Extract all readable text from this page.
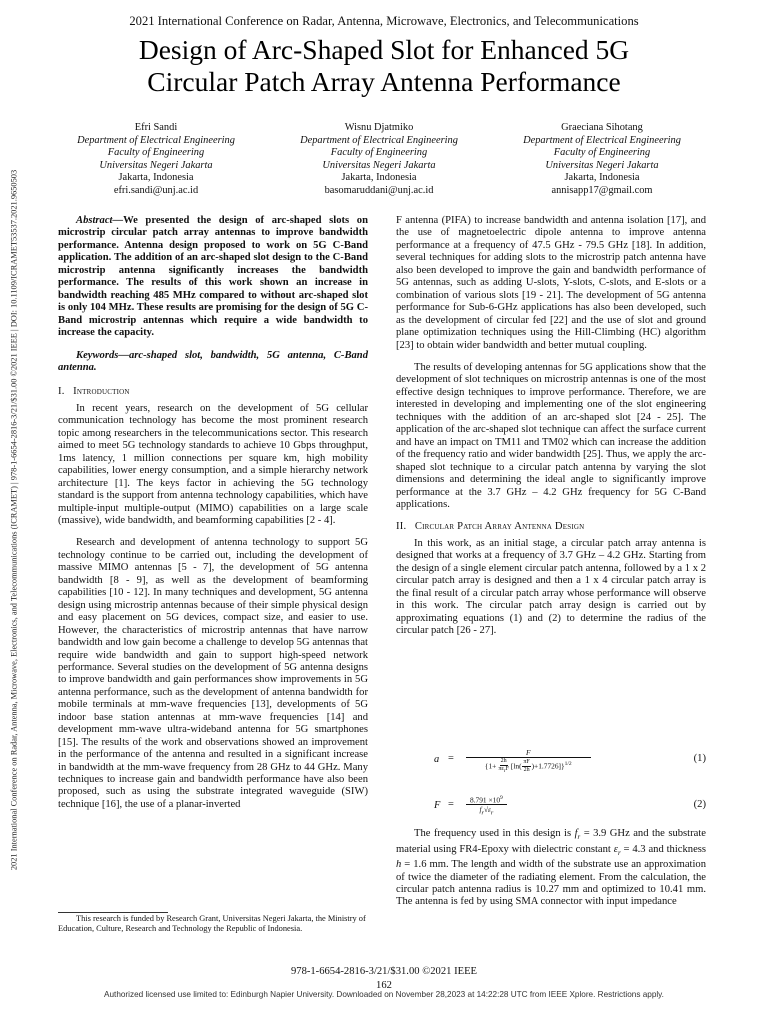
2021 International Conference on Radar, Antenna, Microwave, Electronics, and Telecommunications (ICRAMET) | 978-1-6654-2816-3/21/$31.00 ©2021 IEEE | DOI: 10.1109/ICRAMET53537.2021.9650503
2021 International Conference on Radar, Antenna, Microwave, Electronics, and Telecommunications
Design of Arc-Shaped Slot for Enhanced 5G
Circular Patch Array Antenna Performance
Efri Sandi
Department of Electrical Engineering
Faculty of Engineering
Universitas Negeri Jakarta
Jakarta, Indonesia
efri.sandi@unj.ac.id
Wisnu Djatmiko
Department of Electrical Engineering
Faculty of Engineering
Universitas Negeri Jakarta
Jakarta, Indonesia
basomaruddani@unj.ac.id
Graeciana Sihotang
Department of Electrical Engineering
Faculty of Engineering
Universitas Negeri Jakarta
Jakarta, Indonesia
annisapp17@gmail.com

Abstract—We presented the design of arc-shaped slots on microstrip circular patch array antennas to improve bandwidth performance. Antenna design proposed to work on 5G C-Band application. The addition of an arc-shaped slot design to the C-Band microstrip antenna significantly increases the bandwidth performance. The results of this work shown an increase in bandwidth reaching 485 MHz compared to without arc-shaped slot is only 104 MHz. These results are promising for the design of 5G C-Band microstrip antennas which require a wide bandwidth to increase the capacity.

Keywords—arc-shaped slot, bandwidth, 5G antenna, C-Band antenna.

I. Introduction

In recent years, research on the development of 5G cellular communication technology has become the most prominent research topic among researchers in the telecommunications sector. This research aimed to meet 5G technology standards to achieve 10 Gbps throughput, 1ms latency, 1 million connections per square km, high mobility capabilities, lower energy consumption, and a simple hierarchy network architecture [1]. The keys factor in achieving the 5G technology standard is the support from antenna technology capabilities, which have multiple-input multiple-output (MIMO) capabilities on a large scale (massive), wide bandwidth, and beamforming capabilities [2 - 4].

Research and development of antenna technology to support 5G technology continue to be carried out, including the development of massive MIMO antennas [5 - 7], the development of 5G antenna bandwidth [8 - 9], as well as the development of beamforming capabilities [10 - 12]. In many techniques and development, 5G antenna design using microstrip antennas because of their simple physical design and easy placement on 5G devices, compact size, and easier to use. However, the characteristics of microstrip antennas that have narrow bandwidth and low gain become a challenge to develop 5G antennas that require wide bandwidth and gain to support high-speed network performance. Several studies on the development of 5G antenna designs to improve bandwidth and gain performances show improvements in 5G antenna performance, such as the development of antenna bandwidth for mobile terminals at mm-wave frequencies [13], developments of 5G indoor base station antennas at mm-wave frequencies [14] and development mm-wave ultra-wideband antenna for 5G smartphones [15]. The results of the work and observations showed an improvement in the performance of the antenna and resulted in a significant increase in bandwidth at the mm-wave frequency from 28 GHz to 44 GHz. Many techniques to increase gain and bandwidth performance have also been proposed, such as using the substrate integrated waveguide (SIW) technique [16], the use of a planar-inverted

This research is funded by Research Grant, Universitas Negeri Jakarta, the Ministry of Education, Culture, Research and Technology the Republic of Indonesia.

F antenna (PIFA) to increase bandwidth and antenna isolation [17], and the use of magnetoelectric dipole antenna to improve antenna performance at a frequency of 47.5 GHz - 79.5 GHz [18]. In addition, several techniques for adding slots to the microstrip patch antenna have also been developed to improve the gain and bandwidth performance of 5G antennas, such as adding U-slots, Y-slots, C-slots, and E-slots or a combination of various slots [19 - 21]. The development of 5G antenna performance for Sub-6-GHz applications has also been developed, such as the development of circular fed [22] and the use of slot and ground plane optimization techniques using the Hill-Climbing (HC) algorithm [23] to obtain wider bandwidth and better mutual coupling.

The results of developing antennas for 5G applications show that the development of slot techniques on microstrip antennas is one of the most effective design techniques to improve performance. Therefore, we are interested in developing and implementing one of the slot engineering techniques with the addition of an arc-shaped slot [24 - 25]. The application of the arc-shaped slot technique can affect the surface current and have an impact on TM11 and TM02 which can increase the addition of the frequency ratio and wider bandwidth [25]. Thus, we apply the arc-shaped slot technique to a circular patch antenna by varying the slot dimensions and determining the ideal angle to significantly improve performance at the 3.7 GHz – 4.2 GHz frequency for 5G C-Band applications.

II. Circular Patch Array Antenna Design

In this work, as an initial stage, a circular patch array antenna is designed that works at a frequency of 3.7 GHz – 4.2 GHz. Starting from the design of a single element circular patch antenna, followed by a 1 x 2 circular patch array is designed and then a 1 x 4 circular patch array is the final result of a circular patch array whose performance will observe in this work. The circular patch array design is carried out by approximating equations (1) and (2) to determine the radius of the circular patch [26 - 27].

a =
F
$\{1+ \frac{2h}{\pi\varepsilon_rF} [\ln( \frac{\pi F}{2h} )+1.7726]\}^{1/2}$	(1)
$F = \frac{8.791 \times 10^9}{f_r√\varepsilon_r}$	(2)

The frequency used in this design is $f_r = 3.9$ GHz and the substrate material using FR4-Epoxy with dielectric constant $\varepsilon_r = 4.3$ and thickness h = 1.6 mm. The length and width of the substrate use an approximation of twice the diameter of the radiating element. From the calculation, the circular patch antenna radius is 10.27 mm and optimized to 10.41 mm. The antenna is fed by using SMA connector with input impedance

978-1-6654-2816-3/21/$31.00 ©2021 IEEE
162
Authorized licensed use limited to: Edinburgh Napier University. Downloaded on November 28,2023 at 14:22:28 UTC from IEEE Xplore. Restrictions apply.
